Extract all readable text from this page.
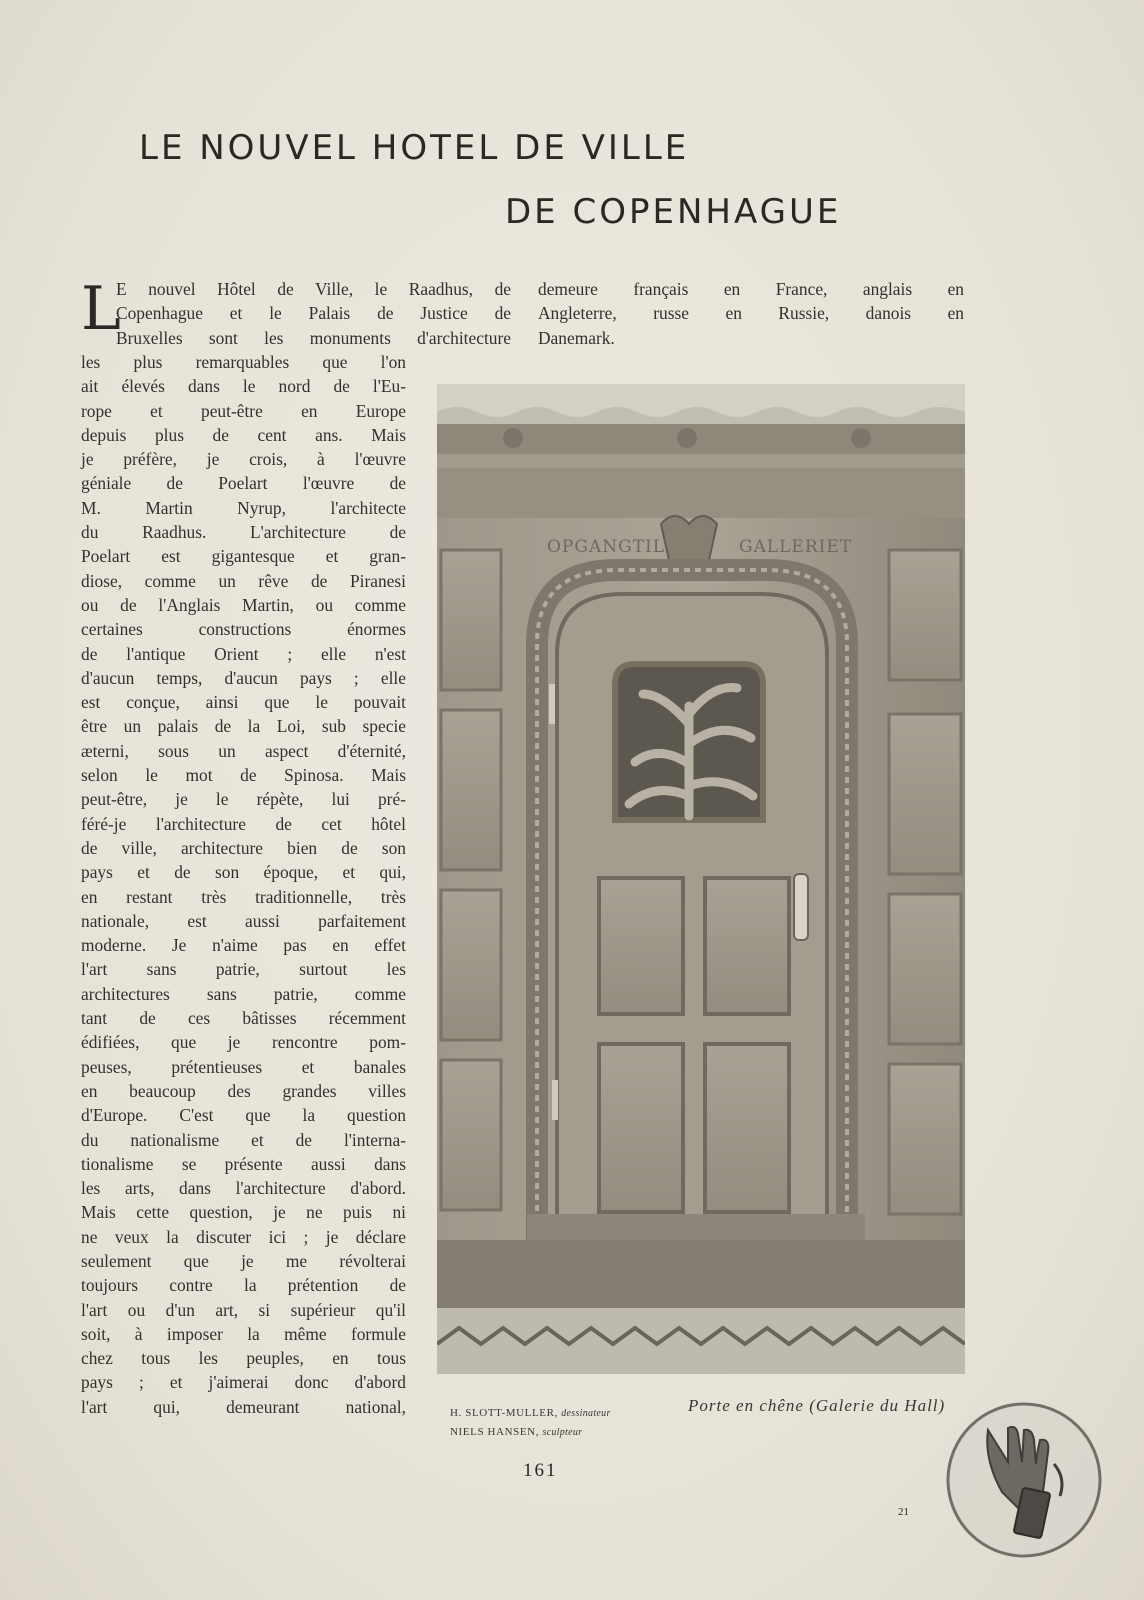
LE NOUVEL HOTEL DE VILLE
DE COPENHAGUE
L
E nouvel Hôtel de Ville, le Raadhus, de
Copenhague et le Palais de Justice de
Bruxelles sont les monuments d'architecture
les plus remarquables que l'on
ait élevés dans le nord de l'Eu-
rope et peut-être en Europe
depuis plus de cent ans. Mais
je préfère, je crois, à l'œuvre
géniale de Poelart l'œuvre de
M. Martin Nyrup, l'architecte
du Raadhus. L'architecture de
Poelart est gigantesque et gran-
diose, comme un rêve de Piranesi
ou de l'Anglais Martin, ou comme
certaines constructions énormes
de l'antique Orient ; elle n'est
d'aucun temps, d'aucun pays ; elle
est conçue, ainsi que le pouvait
être un palais de la Loi, sub specie
æterni, sous un aspect d'éternité,
selon le mot de Spinosa. Mais
peut-être, je le répète, lui pré-
féré-je l'architecture de cet hôtel
de ville, architecture bien de son
pays et de son époque, et qui,
en restant très traditionnelle, très
nationale, est aussi parfaitement
moderne. Je n'aime pas en effet
l'art sans patrie, surtout les
architectures sans patrie, comme
tant de ces bâtisses récemment
édifiées, que je rencontre pom-
peuses, prétentieuses et banales
en beaucoup des grandes villes
d'Europe. C'est que la question
du nationalisme et de l'interna-
tionalisme se présente aussi dans
les arts, dans l'architecture d'abord.
Mais cette question, je ne puis ni
ne veux la discuter ici ; je déclare
seulement que je me révolterai
toujours contre la prétention de
l'art ou d'un art, si supérieur qu'il
soit, à imposer la même formule
chez tous les peuples, en tous
pays ; et j'aimerai donc d'abord
l'art qui, demeurant national,
demeure français en France, anglais en
Angleterre, russe en Russie, danois en
Danemark.
OPGANGTIL	GALLERIET
H. SLOTT-MULLER, dessinateur
NIELS HANSEN, sculpteur
Porte en chêne (Galerie du Hall)
161
21
